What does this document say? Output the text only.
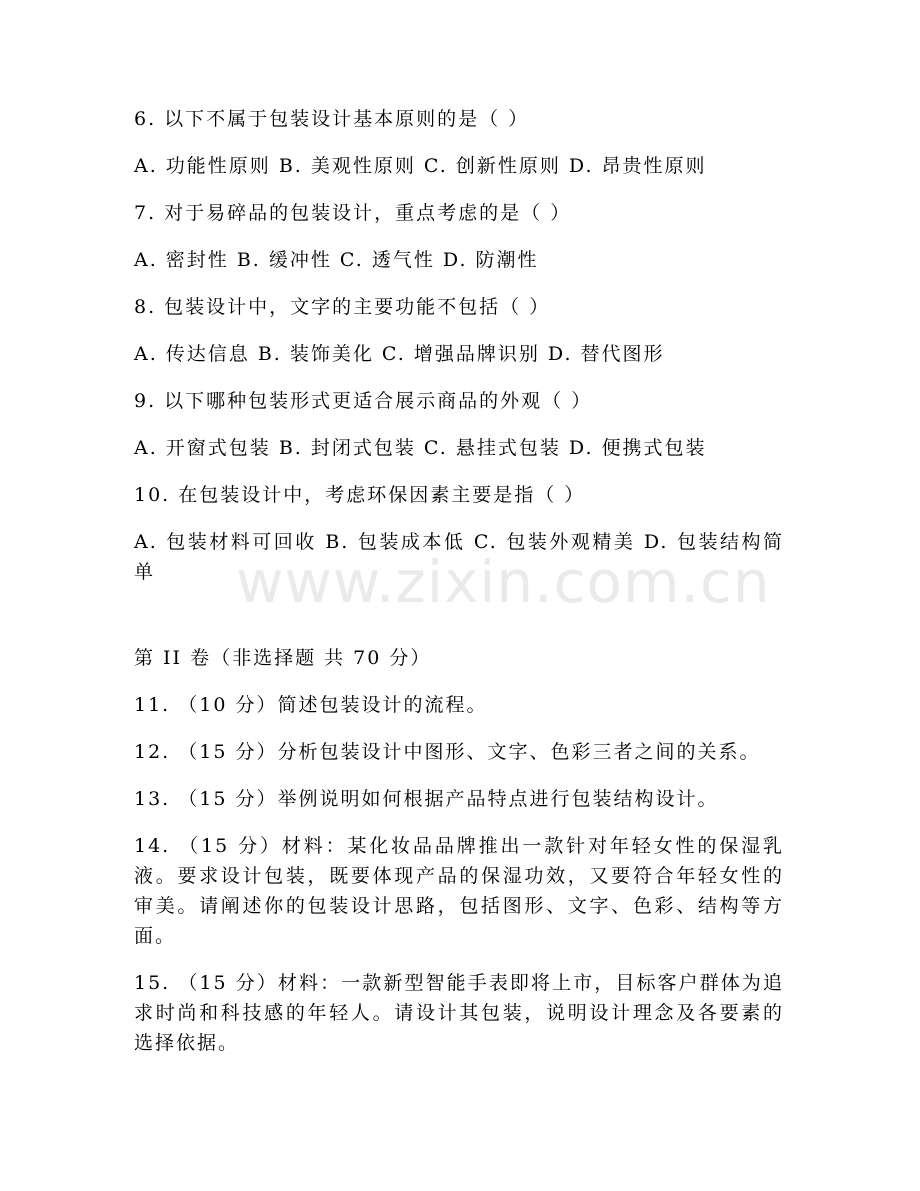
6. 以下不属于包装设计基本原则的是（ ）

A. 功能性原则 B. 美观性原则 C. 创新性原则 D. 昂贵性原则

7. 对于易碎品的包装设计，重点考虑的是（ ）

A. 密封性 B. 缓冲性 C. 透气性 D. 防潮性

8. 包装设计中，文字的主要功能不包括（ ）

A. 传达信息 B. 装饰美化 C. 增强品牌识别 D. 替代图形

9. 以下哪种包装形式更适合展示商品的外观（ ）

A. 开窗式包装 B. 封闭式包装 C. 悬挂式包装 D. 便携式包装

10. 在包装设计中，考虑环保因素主要是指（ ）

A. 包装材料可回收 B. 包装成本低 C. 包装外观精美 D. 包装结构简单

第 II 卷（非选择题 共 70 分）

11. （10 分）简述包装设计的流程。

12. （15 分）分析包装设计中图形、文字、色彩三者之间的关系。

13. （15 分）举例说明如何根据产品特点进行包装结构设计。

14. （15 分）材料：某化妆品品牌推出一款针对年轻女性的保湿乳液。要求设计包装，既要体现产品的保湿功效，又要符合年轻女性的审美。请阐述你的包装设计思路，包括图形、文字、色彩、结构等方面。

15. （15 分）材料：一款新型智能手表即将上市，目标客户群体为追求时尚和科技感的年轻人。请设计其包装，说明设计理念及各要素的选择依据。

www.zixin.com.cn
